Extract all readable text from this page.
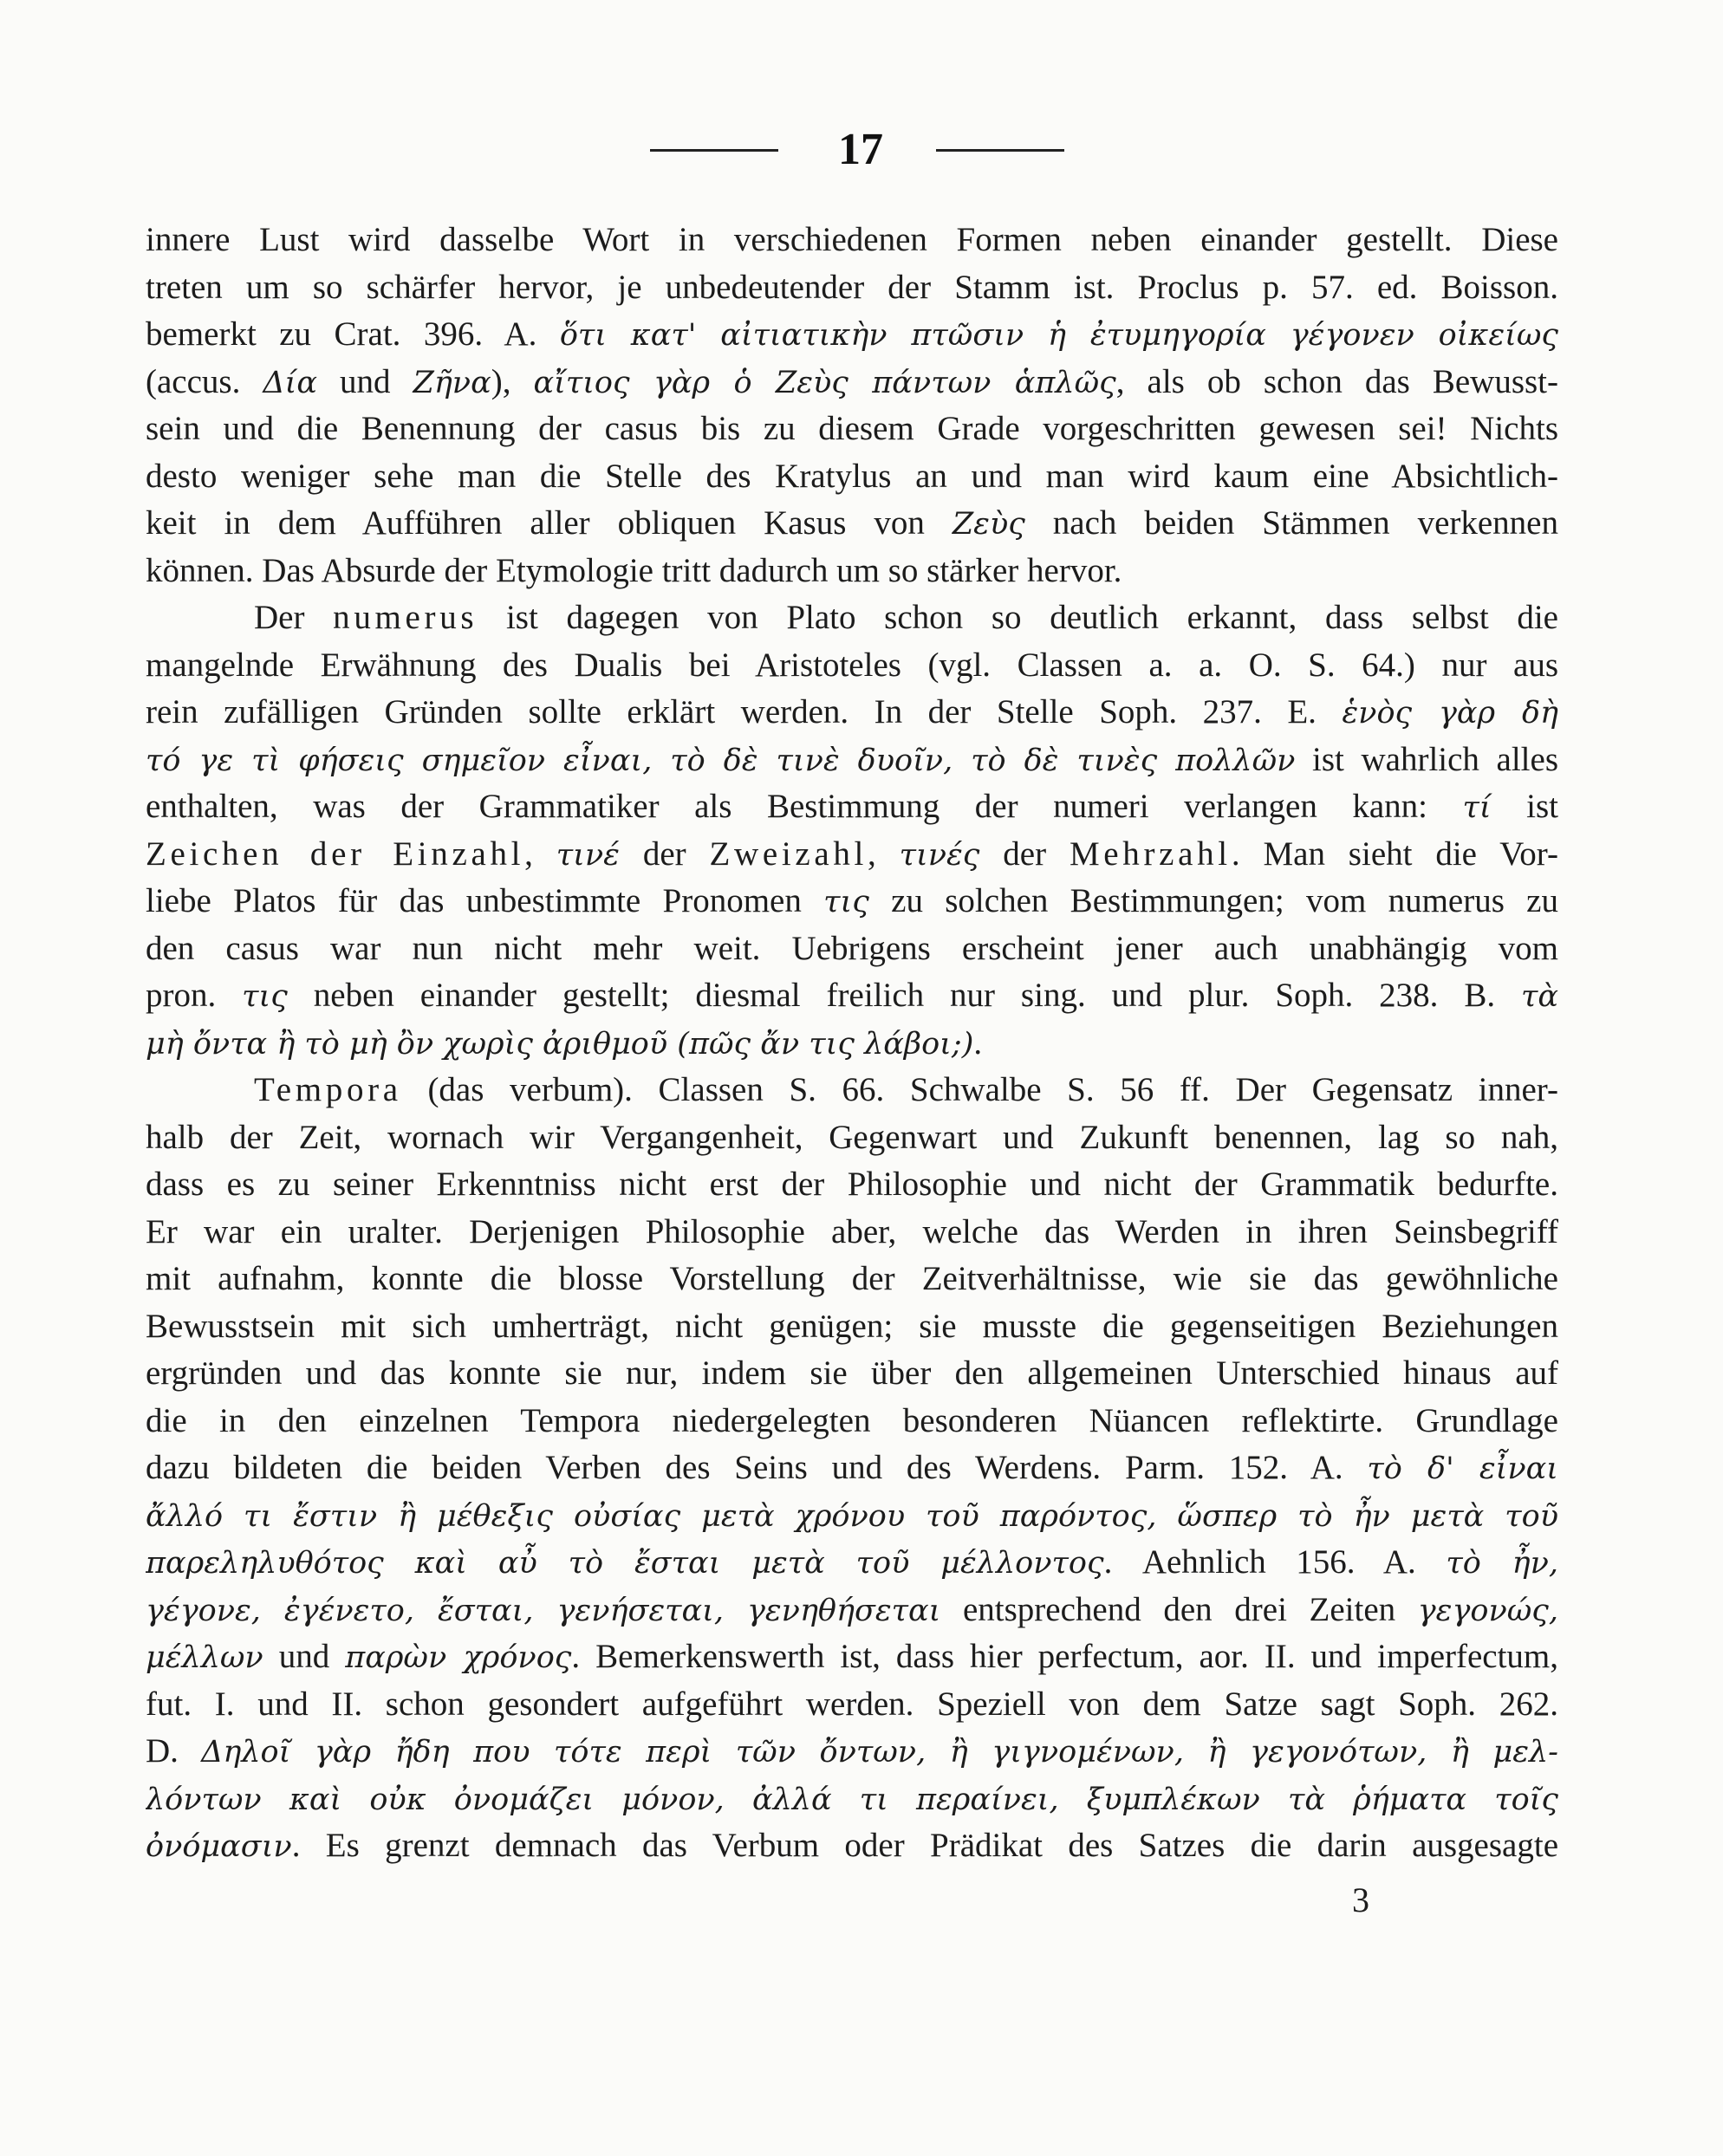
17
innere Lust wird dasselbe Wort in verschiedenen Formen neben einander gestellt. Diese
treten um so schärfer hervor, je unbedeutender der Stamm ist. Proclus p. 57. ed. Boisson.
bemerkt zu Crat. 396. A. ὅτι κατ' αἰτιατικὴν πτῶσιν ἡ ἐτυμηγορία γέγονεν οἰκείως
(accus. Δία und Ζῆνα), αἴτιος γὰρ ὁ Ζεὺς πάντων ἁπλῶς, als ob schon das Bewusst-
sein und die Benennung der casus bis zu diesem Grade vorgeschritten gewesen sei! Nichts
desto weniger sehe man die Stelle des Kratylus an und man wird kaum eine Absichtlich-
keit in dem Aufführen aller obliquen Kasus von Ζεὺς nach beiden Stämmen verkennen
können. Das Absurde der Etymologie tritt dadurch um so stärker hervor.
Der numerus ist dagegen von Plato schon so deutlich erkannt, dass selbst die
mangelnde Erwähnung des Dualis bei Aristoteles (vgl. Classen a. a. O. S. 64.) nur aus
rein zufälligen Gründen sollte erklärt werden. In der Stelle Soph. 237. E. ἑνὸς γὰρ δὴ
τό γε τὶ φήσεις σημεῖον εἶναι, τὸ δὲ τινὲ δυοῖν, τὸ δὲ τινὲς πολλῶν ist wahrlich alles
enthalten, was der Grammatiker als Bestimmung der numeri verlangen kann: τί ist
Zeichen der Einzahl, τινέ der Zweizahl, τινές der Mehrzahl. Man sieht die Vor-
liebe Platos für das unbestimmte Pronomen τις zu solchen Bestimmungen; vom numerus zu
den casus war nun nicht mehr weit. Uebrigens erscheint jener auch unabhängig vom
pron. τις neben einander gestellt; diesmal freilich nur sing. und plur. Soph. 238. B. τὰ
μὴ ὄντα ἢ τὸ μὴ ὂν χωρὶς ἀριθμοῦ (πῶς ἄν τις λάβοι;).
Tempora (das verbum). Classen S. 66. Schwalbe S. 56 ff. Der Gegensatz inner-
halb der Zeit, wornach wir Vergangenheit, Gegenwart und Zukunft benennen, lag so nah,
dass es zu seiner Erkenntniss nicht erst der Philosophie und nicht der Grammatik bedurfte.
Er war ein uralter. Derjenigen Philosophie aber, welche das Werden in ihren Seinsbegriff
mit aufnahm, konnte die blosse Vorstellung der Zeitverhältnisse, wie sie das gewöhnliche
Bewusstsein mit sich umherträgt, nicht genügen; sie musste die gegenseitigen Beziehungen
ergründen und das konnte sie nur, indem sie über den allgemeinen Unterschied hinaus auf
die in den einzelnen Tempora niedergelegten besonderen Nüancen reflektirte. Grundlage
dazu bildeten die beiden Verben des Seins und des Werdens. Parm. 152. A. τὸ δ' εἶναι
ἄλλό τι ἔστιν ἢ μέθεξις οὐσίας μετὰ χρόνου τοῦ παρόντος, ὥσπερ τὸ ἦν μετὰ τοῦ
παρεληλυθότος καὶ αὖ τὸ ἔσται μετὰ τοῦ μέλλοντος. Aehnlich 156. A. τὸ ἦν,
γέγονε, ἐγένετο, ἔσται, γενήσεται, γενηθήσεται entsprechend den drei Zeiten γεγονώς,
μέλλων und παρὼν χρόνος. Bemerkenswerth ist, dass hier perfectum, aor. II. und imperfectum,
fut. I. und II. schon gesondert aufgeführt werden. Speziell von dem Satze sagt Soph. 262.
D. Δηλοῖ γὰρ ἤδη που τότε περὶ τῶν ὄντων, ἢ γιγνομένων, ἢ γεγονότων, ἢ μελ-
λόντων καὶ οὐκ ὀνομάζει μόνον, ἀλλά τι περαίνει, ξυμπλέκων τὰ ῥήματα τοῖς
ὀνόμασιν. Es grenzt demnach das Verbum oder Prädikat des Satzes die darin ausgesagte
3
